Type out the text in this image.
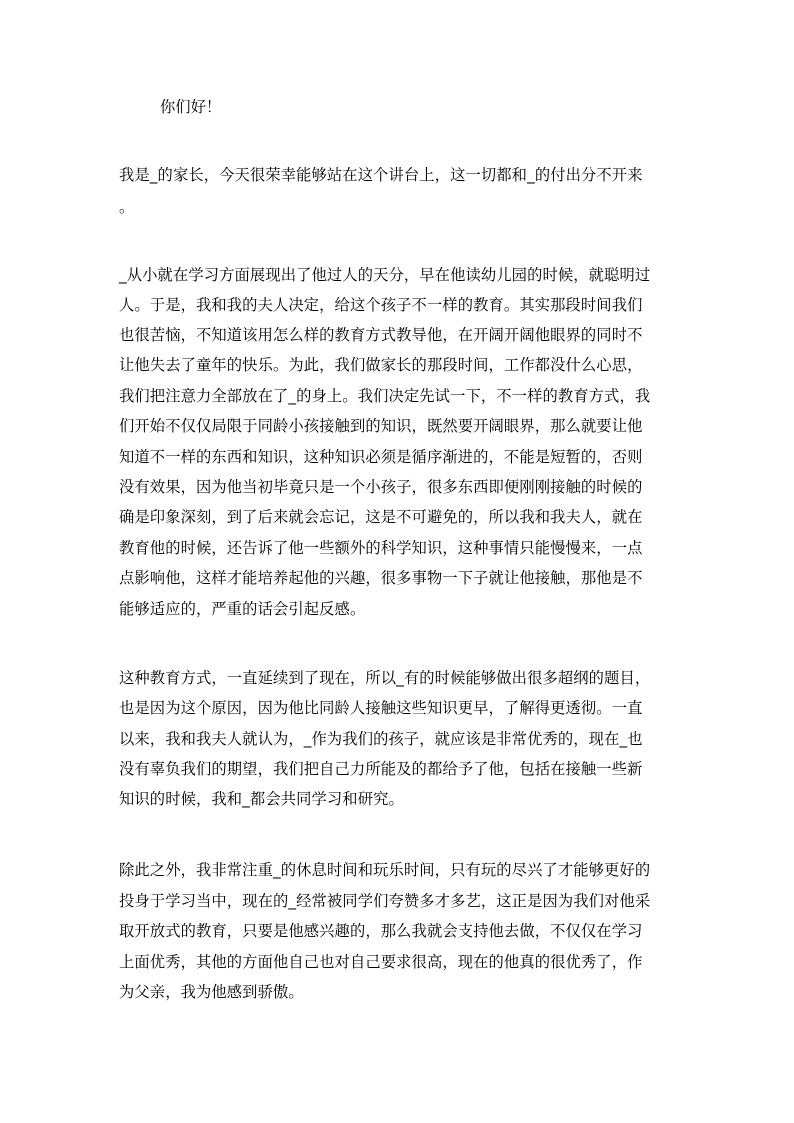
你们好！
我是_的家长，今天很荣幸能够站在这个讲台上，这一切都和_的付出分不开来
。
_从小就在学习方面展现出了他过人的天分，早在他读幼儿园的时候，就聪明过
人。于是，我和我的夫人决定，给这个孩子不一样的教育。其实那段时间我们
也很苦恼，不知道该用怎么样的教育方式教导他，在开阔开阔他眼界的同时不
让他失去了童年的快乐。为此，我们做家长的那段时间，工作都没什么心思，
我们把注意力全部放在了_的身上。我们决定先试一下，不一样的教育方式，我
们开始不仅仅局限于同龄小孩接触到的知识，既然要开阔眼界，那么就要让他
知道不一样的东西和知识，这种知识必须是循序渐进的，不能是短暂的，否则
没有效果，因为他当初毕竟只是一个小孩子，很多东西即便刚刚接触的时候的
确是印象深刻，到了后来就会忘记，这是不可避免的，所以我和我夫人，就在
教育他的时候，还告诉了他一些额外的科学知识，这种事情只能慢慢来，一点
点影响他，这样才能培养起他的兴趣，很多事物一下子就让他接触，那他是不
能够适应的，严重的话会引起反感。
这种教育方式，一直延续到了现在，所以_有的时候能够做出很多超纲的题目，
也是因为这个原因，因为他比同龄人接触这些知识更早，了解得更透彻。一直
以来，我和我夫人就认为，_作为我们的孩子，就应该是非常优秀的，现在_也
没有辜负我们的期望，我们把自己力所能及的都给予了他，包括在接触一些新
知识的时候，我和_都会共同学习和研究。
除此之外，我非常注重_的休息时间和玩乐时间，只有玩的尽兴了才能够更好的
投身于学习当中，现在的_经常被同学们夸赞多才多艺，这正是因为我们对他采
取开放式的教育，只要是他感兴趣的，那么我就会支持他去做，不仅仅在学习
上面优秀，其他的方面他自己也对自己要求很高，现在的他真的很优秀了，作
为父亲，我为他感到骄傲。
